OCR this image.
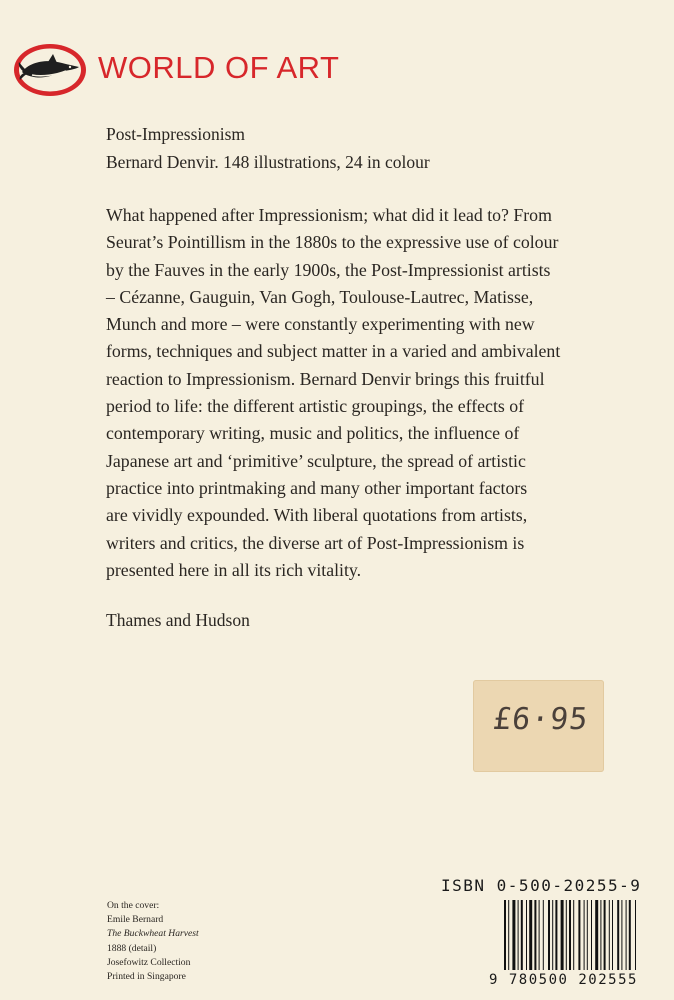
WORLD OF ART
Post-Impressionism
Bernard Denvir. 148 illustrations, 24 in colour
What happened after Impressionism; what did it lead to? From
Seurat’s Pointillism in the 1880s to the expressive use of colour
by the Fauves in the early 1900s, the Post-Impressionist artists
– Cézanne, Gauguin, Van Gogh, Toulouse-Lautrec, Matisse,
Munch and more – were constantly experimenting with new
forms, techniques and subject matter in a varied and ambivalent
reaction to Impressionism. Bernard Denvir brings this fruitful
period to life: the different artistic groupings, the effects of
contemporary writing, music and politics, the influence of
Japanese art and ‘primitive’ sculpture, the spread of artistic
practice into printmaking and many other important factors
are vividly expounded. With liberal quotations from artists,
writers and critics, the diverse art of Post-Impressionism is
presented here in all its rich vitality.
Thames and Hudson
£6·95
On the cover:
Emile Bernard
The Buckwheat Harvest
1888 (detail)
Josefowitz Collection
Printed in Singapore
ISBN 0-500-20255-9
9 780500 202555
